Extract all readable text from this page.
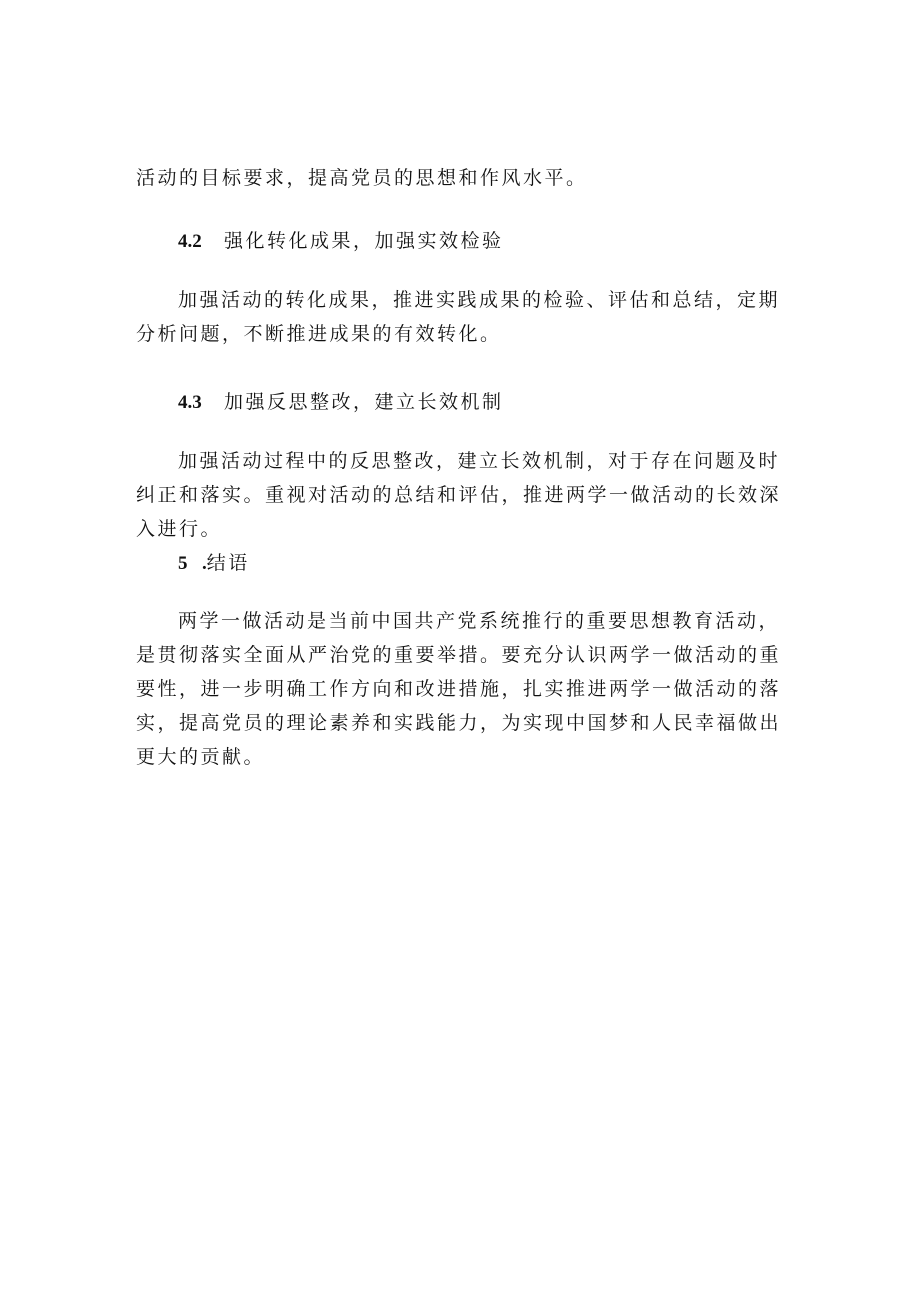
活动的目标要求，提高党员的思想和作风水平。

4.2 强化转化成果，加强实效检验

加强活动的转化成果，推进实践成果的检验、评估和总结，定期分析问题，不断推进成果的有效转化。

4.3 加强反思整改，建立长效机制

加强活动过程中的反思整改，建立长效机制，对于存在问题及时纠正和落实。重视对活动的总结和评估，推进两学一做活动的长效深入进行。

5 .结语

两学一做活动是当前中国共产党系统推行的重要思想教育活动，是贯彻落实全面从严治党的重要举措。要充分认识两学一做活动的重要性，进一步明确工作方向和改进措施，扎实推进两学一做活动的落实，提高党员的理论素养和实践能力，为实现中国梦和人民幸福做出更大的贡献。
